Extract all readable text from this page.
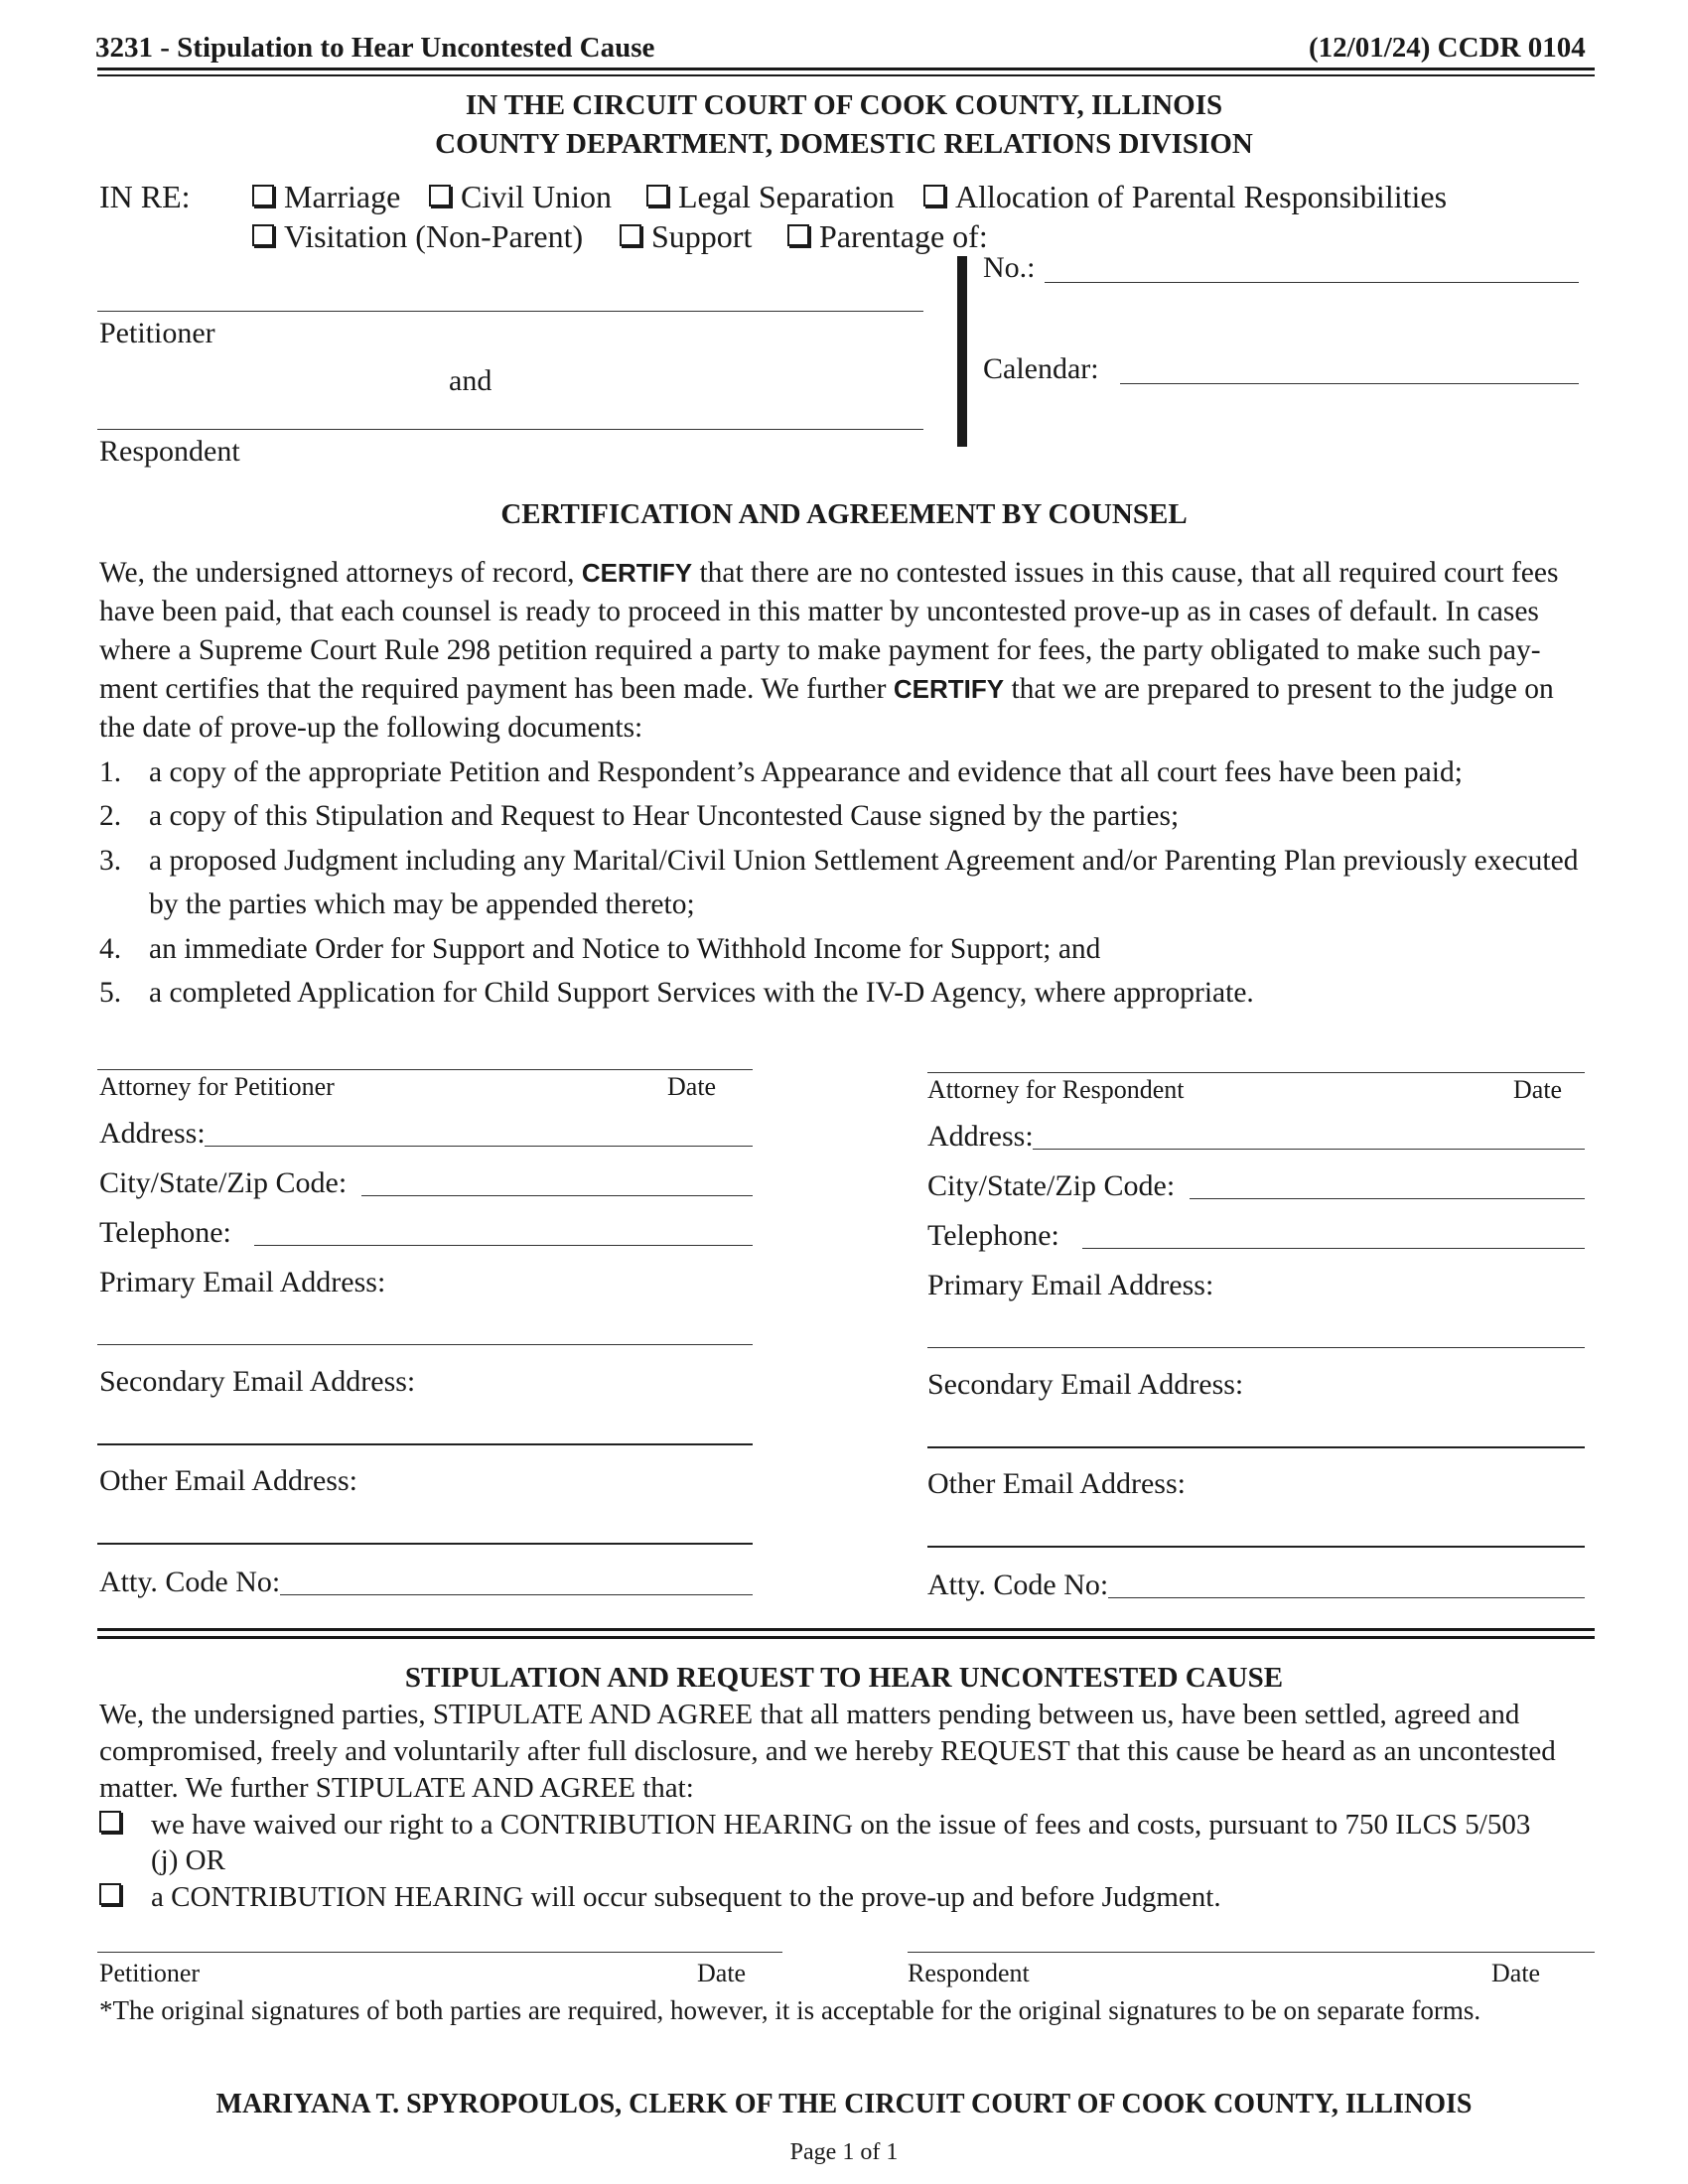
3231 - Stipulation to Hear Uncontested Cause	(12/01/24) CCDR 0104
IN THE CIRCUIT COURT OF COOK COUNTY, ILLINOIS
COUNTY DEPARTMENT, DOMESTIC RELATIONS DIVISION
IN RE:	Marriage	Civil Union	Legal Separation	Allocation of Parental Responsibilities
Visitation (Non-Parent)	Support	Parentage of:
Petitioner
and
Respondent
No.:
Calendar:
CERTIFICATION AND AGREEMENT BY COUNSEL
We, the undersigned attorneys of record, CERTIFY that there are no contested issues in this cause, that all required court fees have been paid, that each counsel is ready to proceed in this matter by uncontested prove-up as in cases of default. In cases where a Supreme Court Rule 298 petition required a party to make payment for fees, the party obligated to make such pay-ment certifies that the required payment has been made. We further CERTIFY that we are prepared to present to the judge on the date of prove-up the following documents:
1. a copy of the appropriate Petition and Respondent’s Appearance and evidence that all court fees have been paid;
2. a copy of this Stipulation and Request to Hear Uncontested Cause signed by the parties;
3. a proposed Judgment including any Marital/Civil Union Settlement Agreement and/or Parenting Plan previously executed
by the parties which may be appended thereto;
4. an immediate Order for Support and Notice to Withhold Income for Support; and
5. a completed Application for Child Support Services with the IV-D Agency, where appropriate.
Attorney for Petitioner	Date
Address:
City/State/Zip Code:
Telephone:
Primary Email Address:
Secondary Email Address:
Other Email Address:
Atty. Code No:
Attorney for Respondent	Date
Address:
City/State/Zip Code:
Telephone:
Primary Email Address:
Secondary Email Address:
Other Email Address:
Atty. Code No:
STIPULATION AND REQUEST TO HEAR UNCONTESTED CAUSE
We, the undersigned parties, STIPULATE AND AGREE that all matters pending between us, have been settled, agreed and compromised, freely and voluntarily after full disclosure, and we hereby REQUEST that this cause be heard as an uncontested matter. We further STIPULATE AND AGREE that:
we have waived our right to a CONTRIBUTION HEARING on the issue of fees and costs, pursuant to 750 ILCS 5/503
(j) OR
a CONTRIBUTION HEARING will occur subsequent to the prove-up and before Judgment.
Petitioner	Date	Respondent	Date
*The original signatures of both parties are required, however, it is acceptable for the original signatures to be on separate forms.
MARIYANA T. SPYROPOULOS, CLERK OF THE CIRCUIT COURT OF COOK COUNTY, ILLINOIS
Page 1 of 1
